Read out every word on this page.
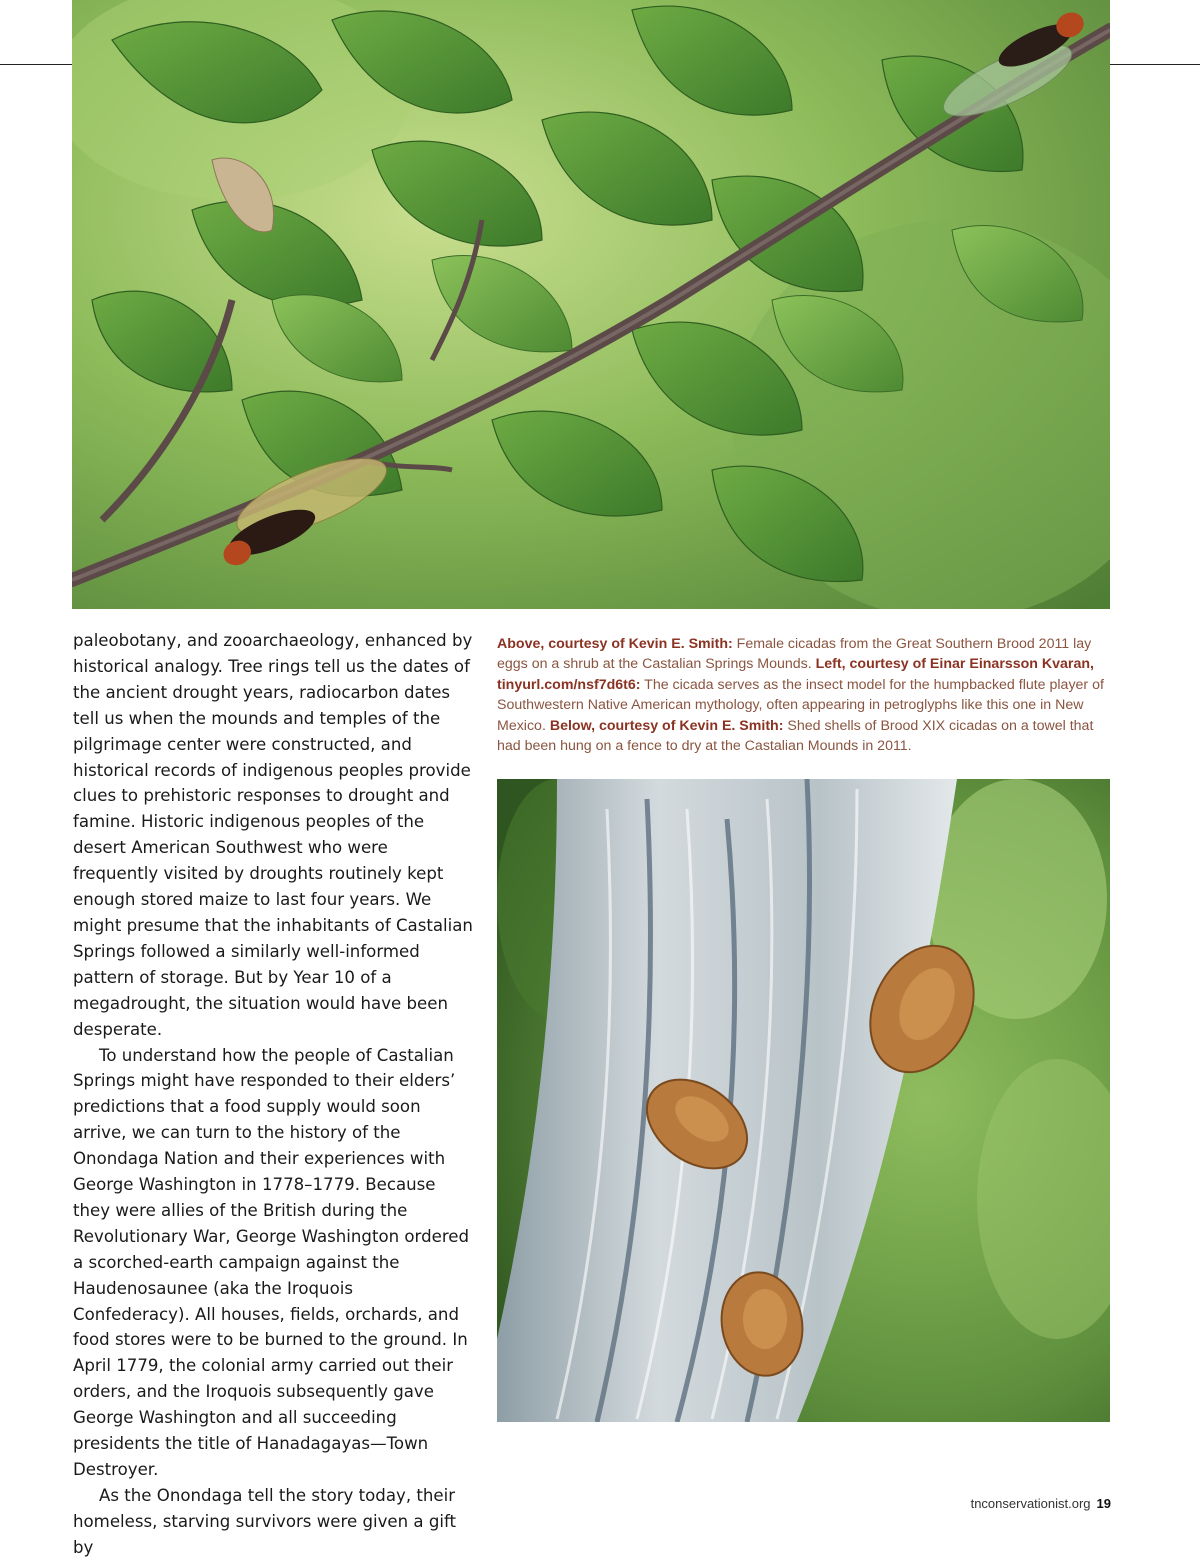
paleobotany, and zooarchaeology, enhanced by historical analogy. Tree rings tell us the dates of the ancient drought years, radiocarbon dates tell us when the mounds and temples of the pilgrimage center were constructed, and historical records of indigenous peoples provide clues to prehistoric responses to drought and famine. Historic indigenous peoples of the desert American Southwest who were frequently visited by droughts routinely kept enough stored maize to last four years. We might presume that the inhabitants of Castalian Springs followed a similarly well-informed pattern of storage. But by Year 10 of a megadrought, the situation would have been desperate.

To understand how the people of Castalian Springs might have responded to their elders’ predictions that a food supply would soon arrive, we can turn to the history of the Onondaga Nation and their experiences with George Washington in 1778–1779. Because they were allies of the British during the Revolutionary War, George Washington ordered a scorched-earth campaign against the Haudenosaunee (aka the Iroquois Confederacy). All houses, fields, orchards, and food stores were to be burned to the ground. In April 1779, the colonial army carried out their orders, and the Iroquois subsequently gave George Washington and all succeeding presidents the title of Hanadagayas—Town Destroyer.

As the Onondaga tell the story today, their homeless, starving survivors were given a gift by

Above, courtesy of Kevin E. Smith: Female cicadas from the Great Southern Brood 2011 lay eggs on a shrub at the Castalian Springs Mounds. Left, courtesy of Einar Einarsson Kvaran, tinyurl.com/nsf7d6t6: The cicada serves as the insect model for the humpbacked flute player of Southwestern Native American mythology, often appearing in petroglyphs like this one in New Mexico. Below, courtesy of Kevin E. Smith: Shed shells of Brood XIX cicadas on a towel that had been hung on a fence to dry at the Castalian Mounds in 2011.

tnconservationist.org 19
